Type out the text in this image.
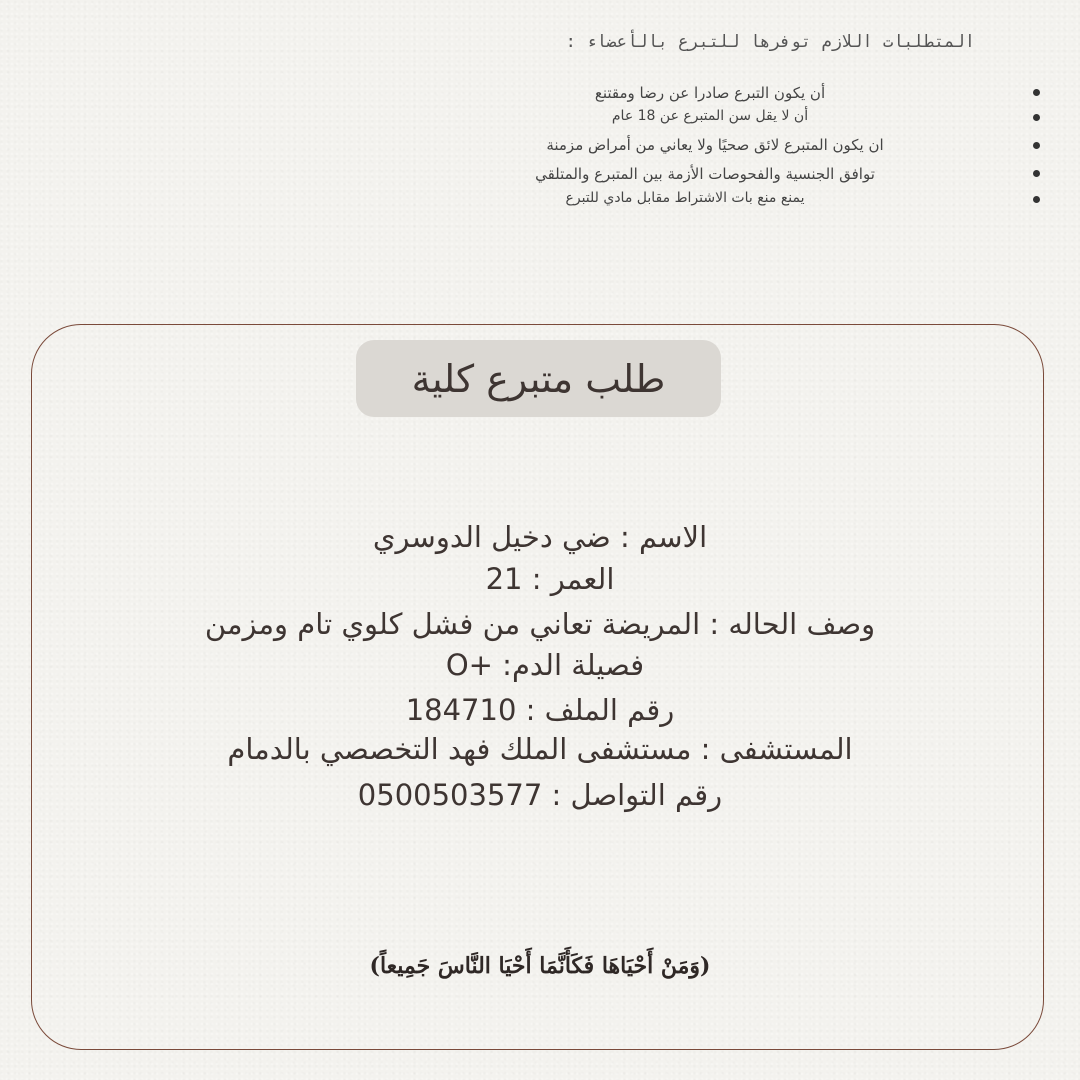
المتطلبات اللازم توفرها للتبرع بالأعضاء :
أن يكون التبرع صادرا عن رضا ومقتنع
أن لا يقل سن المتبرع عن 18 عام
ان يكون المتبرع لائق صحيًا ولا يعاني من أمراض مزمنة
توافق الجنسية والفحوصات الأزمة بين المتبرع والمتلقي
يمنع منع بات الاشتراط مقابل مادي للتبرع
طلب متبرع كلية
الاسم : ضي دخيل الدوسري
العمر : 21
وصف الحاله : المريضة تعاني من فشل كلوي تام ومزمن
فصيلة الدم: +O
رقم الملف : 184710
المستشفى : مستشفى الملك فهد التخصصي بالدمام
رقم التواصل : 0500503577
(وَمَنْ أَحْيَاهَا فَكَأَنَّمَا أَحْيَا النَّاسَ جَمِيعاً)
